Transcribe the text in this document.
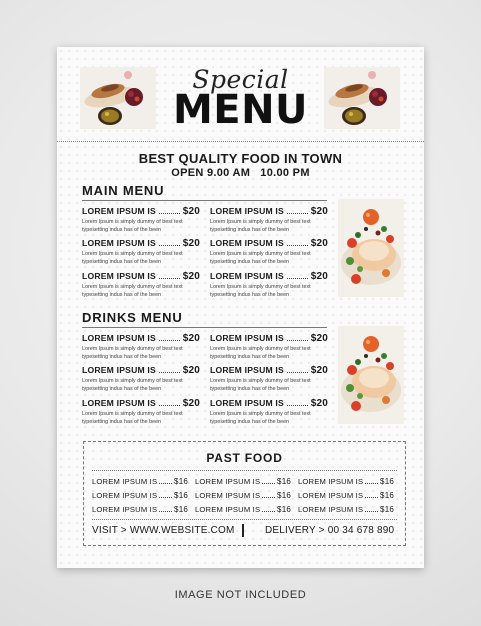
Special
MENU
BEST QUALITY FOOD IN TOWN
OPEN 9.00 AM 10.00 PM
MAIN MENU
LOREM IPSUM IS	$20
Lorem Ipsum is simply dummy of best text
typesetting indus has of the been
LOREM IPSUM IS	$20
Lorem Ipsum is simply dummy of best text
typesetting indus has of the been
LOREM IPSUM IS	$20
Lorem Ipsum is simply dummy of best text
typesetting indus has of the been
LOREM IPSUM IS	$20
Lorem Ipsum is simply dummy of best text
typesetting indus has of the been
LOREM IPSUM IS	$20
Lorem Ipsum is simply dummy of best text
typesetting indus has of the been
LOREM IPSUM IS	$20
Lorem Ipsum is simply dummy of best text
typesetting indus has of the been
DRINKS MENU
LOREM IPSUM IS	$20
Lorem Ipsum is simply dummy of best text
typesetting indus has of the been
LOREM IPSUM IS	$20
Lorem Ipsum is simply dummy of best text
typesetting indus has of the been
LOREM IPSUM IS	$20
Lorem Ipsum is simply dummy of best text
typesetting indus has of the been
LOREM IPSUM IS	$20
Lorem Ipsum is simply dummy of best text
typesetting indus has of the been
LOREM IPSUM IS	$20
Lorem Ipsum is simply dummy of best text
typesetting indus has of the been
LOREM IPSUM IS	$20
Lorem Ipsum is simply dummy of best text
typesetting indus has of the been
PAST FOOD
LOREM IPSUM IS $16 LOREM IPSUM IS $16 LOREM IPSUM IS $16
LOREM IPSUM IS $16 LOREM IPSUM IS $16 LOREM IPSUM IS $16
LOREM IPSUM IS $16 LOREM IPSUM IS $16 LOREM IPSUM IS $16
VISIT > WWW.WEBSITE.COM	DELIVERY > 00 34 678 890
IMAGE NOT INCLUDED
